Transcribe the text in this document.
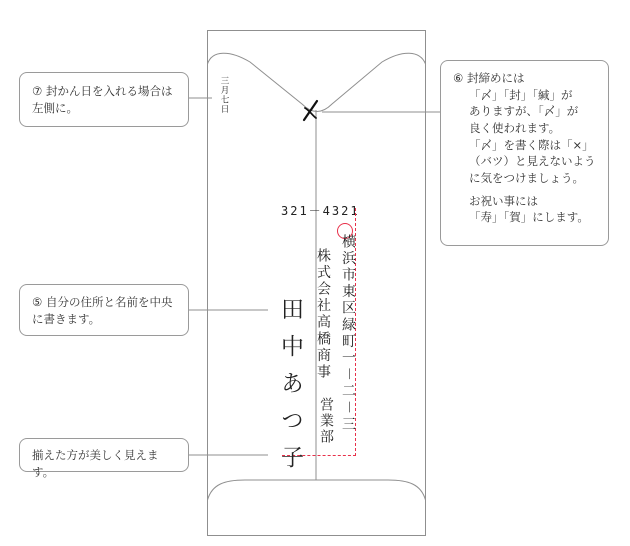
三月七日
321－4321
横浜市東区緑町一－二－三
株式会社高橋商事
営業部
田中あつ子
⑦ 封かん日を入れる場合は
左側に。
⑤ 自分の住所と名前を中央
に書きます。
揃えた方が美しく見えます。
⑥ 封締めには
「〆」「封」「緘」が
ありますが、「〆」が
良く使われます。
「〆」を書く際は「×」
（バツ）と見えないよう
に気をつけましょう。
お祝い事には
「寿」「賀」にします。
